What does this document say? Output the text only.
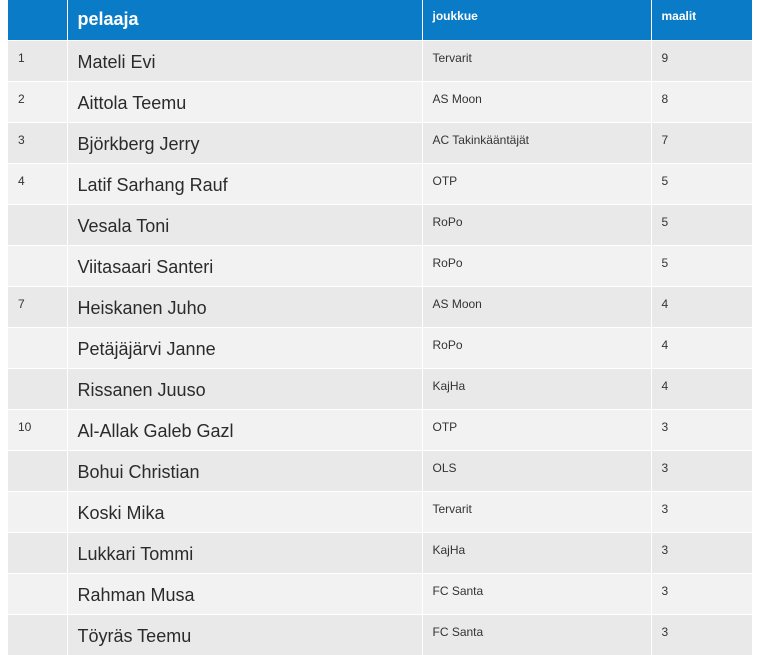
	pelaaja	joukkue	maalit
1	Mateli Evi	Tervarit	9
2	Aittola Teemu	AS Moon	8
3	Björkberg Jerry	AC Takinkääntäjät	7
4	Latif Sarhang Rauf	OTP	5
	Vesala Toni	RoPo	5
	Viitasaari Santeri	RoPo	5
7	Heiskanen Juho	AS Moon	4
	Petäjäjärvi Janne	RoPo	4
	Rissanen Juuso	KajHa	4
10	Al-Allak Galeb Gazl	OTP	3
	Bohui Christian	OLS	3
	Koski Mika	Tervarit	3
	Lukkari Tommi	KajHa	3
	Rahman Musa	FC Santa	3
	Töyräs Teemu	FC Santa	3
